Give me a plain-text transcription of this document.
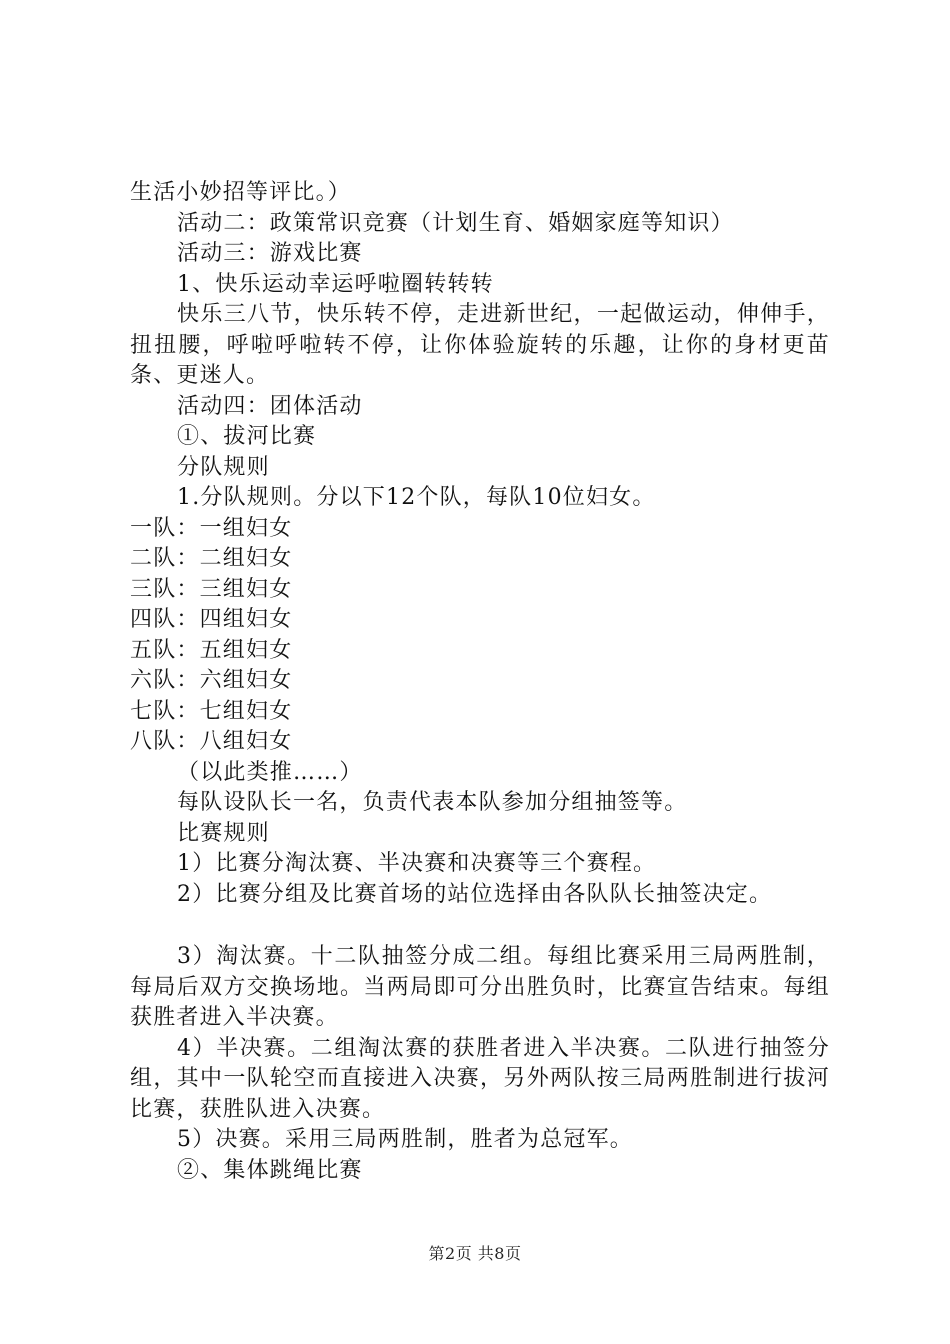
生活小妙招等评比。）
活动二：政策常识竞赛（计划生育、婚姻家庭等知识）
活动三：游戏比赛
1、快乐运动幸运呼啦圈转转转
快乐三八节，快乐转不停，走进新世纪，一起做运动，伸伸手，扭扭腰，呼啦呼啦转不停，让你体验旋转的乐趣，让你的身材更苗条、更迷人。
活动四：团体活动
①、拔河比赛
分队规则
1.分队规则。分以下12个队，每队10位妇女。
一队：一组妇女
二队：二组妇女
三队：三组妇女
四队：四组妇女
五队：五组妇女
六队：六组妇女
七队：七组妇女
八队：八组妇女
（以此类推……）
每队设队长一名，负责代表本队参加分组抽签等。
比赛规则
1）比赛分淘汰赛、半决赛和决赛等三个赛程。
2）比赛分组及比赛首场的站位选择由各队队长抽签决定。
3）淘汰赛。十二队抽签分成二组。每组比赛采用三局两胜制，每局后双方交换场地。当两局即可分出胜负时，比赛宣告结束。每组获胜者进入半决赛。
4）半决赛。二组淘汰赛的获胜者进入半决赛。二队进行抽签分组，其中一队轮空而直接进入决赛，另外两队按三局两胜制进行拔河比赛，获胜队进入决赛。
5）决赛。采用三局两胜制，胜者为总冠军。
②、集体跳绳比赛
第2页 共8页
